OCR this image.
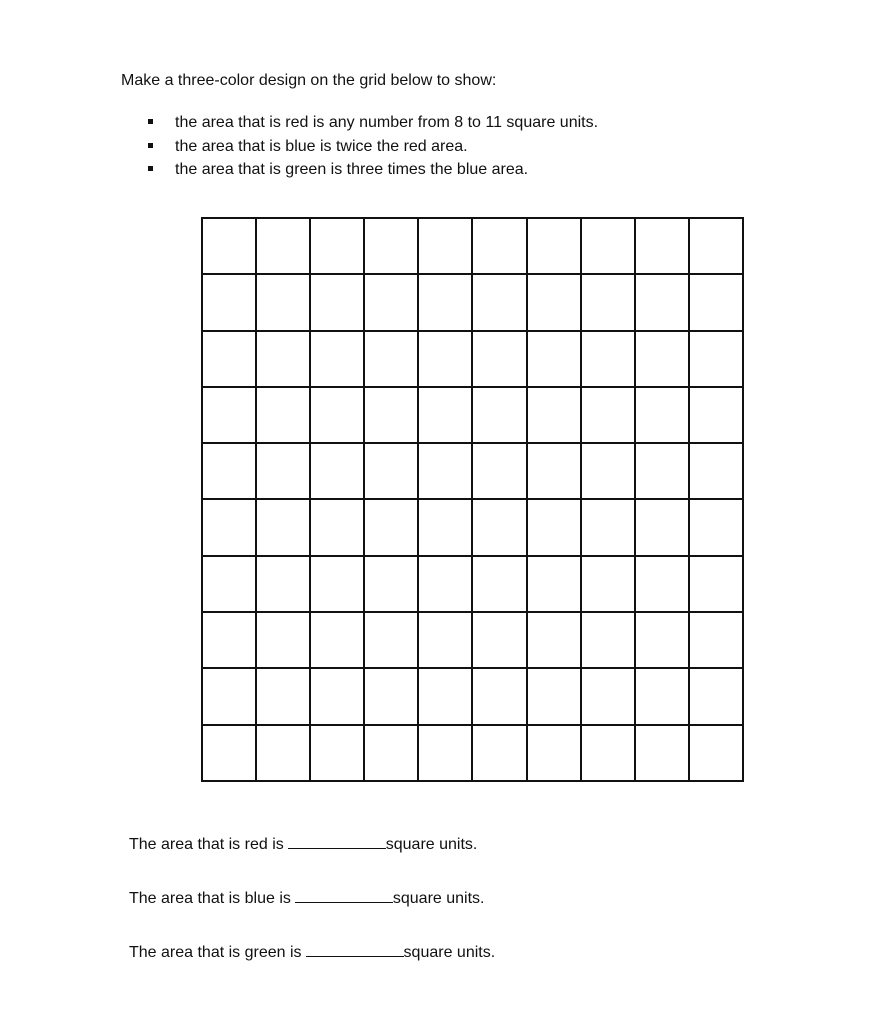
Make a three-color design on the grid below to show:

the area that is red is any number from 8 to 11 square units.
the area that is blue is twice the red area.
the area that is green is three times the blue area.

The area that is red is	square units.

The area that is blue is	square units.

The area that is green is	square units.
